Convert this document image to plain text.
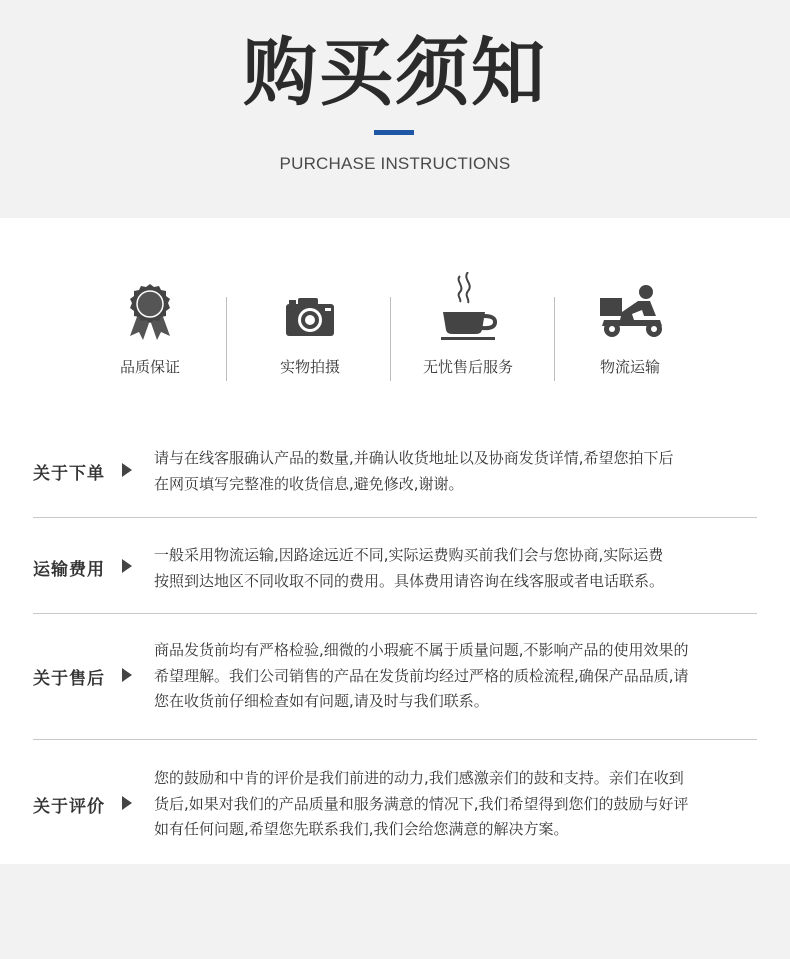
购买须知
PURCHASE INSTRUCTIONS
品质保证	实物拍摄	无忧售后服务	物流运输
关于下单
请与在线客服确认产品的数量,并确认收货地址以及协商发货详情,希望您拍下后
在网页填写完整准的收货信息,避免修改,谢谢。
运输费用
一般采用物流运输,因路途远近不同,实际运费购买前我们会与您协商,实际运费
按照到达地区不同收取不同的费用。具体费用请咨询在线客服或者电话联系。
关于售后
商品发货前均有严格检验,细微的小瑕疵不属于质量问题,不影响产品的使用效果的
希望理解。我们公司销售的产品在发货前均经过严格的质检流程,确保产品品质,请
您在收货前仔细检查如有问题,请及时与我们联系。
关于评价
您的鼓励和中肯的评价是我们前进的动力,我们感激亲们的鼓和支持。亲们在收到
货后,如果对我们的产品质量和服务满意的情况下,我们希望得到您们的鼓励与好评
如有任何问题,希望您先联系我们,我们会给您满意的解决方案。
